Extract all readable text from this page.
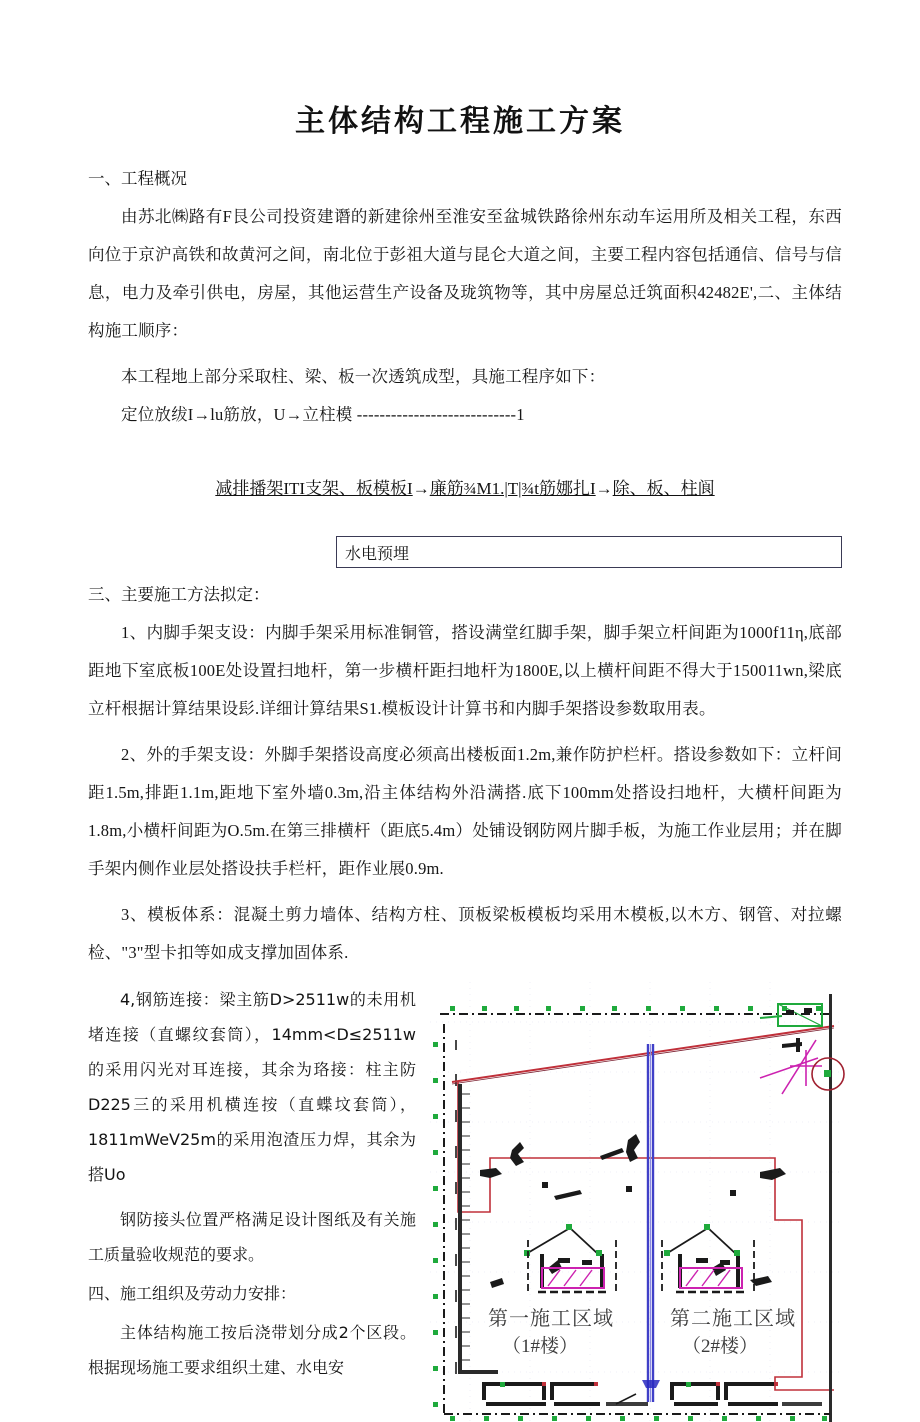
主体结构工程施工方案

一、工程概况

由苏北㈱路有F艮公司投资建谮的新建徐州至淮安至盆城铁路徐州东动车运用所及相关工程，东西向位于京沪高铁和故黄河之间，南北位于彭祖大道与昆仑大道之间，主要工程内容包括通信、信号与信息，电力及牵引供电，房屋，其他运营生产设备及珑筑物等，其中房屋总迁筑面积42482E',二、主体结构施工顺序：

本工程地上部分采取柱、梁、板一次透筑成型，具施工程序如下：

定位放绂I→lu筋放，U→立柱模 ----------------------------1

减排播架ITI支架、板模板I→廉筋¾M1.|T|¾t筋娜扎I→除、板、柱阆

水电预埋

三、主要施工方法拟定：

1、内脚手架支设：内脚手架采用标准铜管，搭设满堂红脚手架，脚手架立杆间距为1000f11η,底部距地下室底板100E处设置扫地杆，第一步横杆距扫地杆为1800E,以上横杆间距不得大于150011wn,梁底立杆根据计算结果设髟.详细计算结果S1.模板设计计算书和内脚手架搭设参数取用表。

2、外的手架支设：外脚手架搭设高度必须高出楼板面1.2m,兼作防护栏杆。搭设参数如下：立杆间距1.5m,排距1.1m,距地下室外墙0.3m,沿主体结构外沿满搭.底下100mm处搭设扫地杆，大横杆间距为1.8m,小横杆间距为O.5m.在第三排横杆（距底5.4m）处铺设钢防网片脚手板，为施工作业层用；并在脚手架内侧作业层处搭设扶手栏杆，距作业展0.9m.

3、模板体系：混凝土剪力墙体、结构方柱、顶板梁板模板均采用木模板,以木方、钢管、对拉螺检、"3"型卡扣等如成支撑加固体系.

第一施工区域
（1#楼）
第二施工区域
（2#楼）

4,钢筋连接：梁主筋D>2511w的未用机堵连接（直螺纹套筒），14mm<D≤2511w的采用闪光对耳连接，其余为珞接：柱主防D225三的采用机横连按（直蝶坟套筒），1811mWeV25m的采用泡渣压力焊，其余为搭Uo

钢防接头位置严格满足设计图纸及有关施工质量验收规范的要求。

四、施工组织及劳动力安排：

主体结构施工按后浇带划分成2个区段。根据现场施工要求组织土建、水电安
